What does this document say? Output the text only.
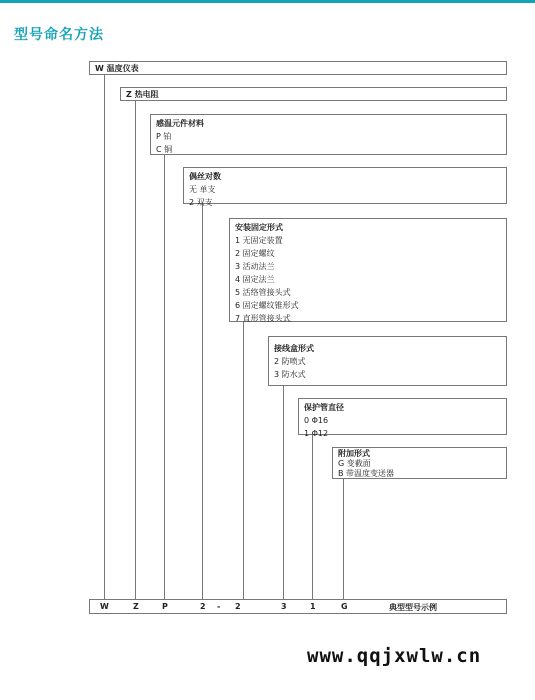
型号命名方法
W 温度仪表
Z 热电阻
感温元件材料
P 铂
C 铜
偶丝对数
无 单支
2 双支
安装固定形式
1 无固定装置
2 固定螺纹
3 活动法兰
4 固定法兰
5 活络管接头式
6 固定螺纹锥形式
7 直形管接头式
接线盒形式
2 防喷式
3 防水式
保护管直径
0 Φ16
1 Φ12
附加形式
G 变截面
B 带温度变送器
W	Z	P	2 - 2	3	1	G	典型型号示例
www.qqjxwlw.cn
